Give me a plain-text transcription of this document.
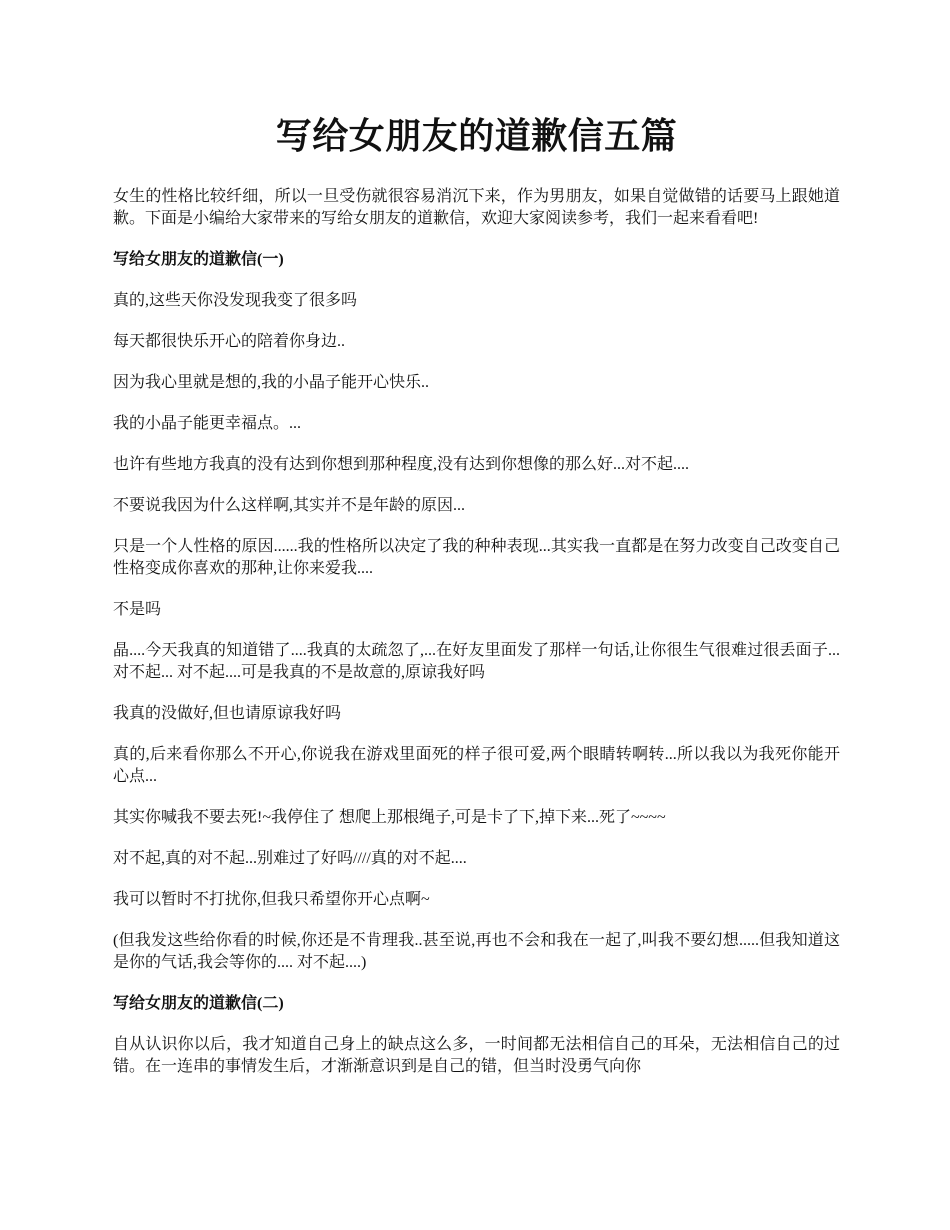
写给女朋友的道歉信五篇

女生的性格比较纤细，所以一旦受伤就很容易消沉下来，作为男朋友，如果自觉做错的话要马上跟她道歉。下面是小编给大家带来的写给女朋友的道歉信，欢迎大家阅读参考，我们一起来看看吧!

写给女朋友的道歉信(一)

真的,这些天你没发现我变了很多吗

每天都很快乐开心的陪着你身边..

因为我心里就是想的,我的小晶子能开心快乐..

我的小晶子能更幸福点。...

也许有些地方我真的没有达到你想到那种程度,没有达到你想像的那么好...对不起....

不要说我因为什么这样啊,其实并不是年龄的原因...

只是一个人性格的原因......我的性格所以决定了我的种种表现...其实我一直都是在努力改变自己改变自己性格变成你喜欢的那种,让你来爱我....

不是吗

晶....今天我真的知道错了....我真的太疏忽了,...在好友里面发了那样一句话,让你很生气很难过很丢面子...对不起... 对不起....可是我真的不是故意的,原谅我好吗

我真的没做好,但也请原谅我好吗

真的,后来看你那么不开心,你说我在游戏里面死的样子很可爱,两个眼睛转啊转...所以我以为我死你能开心点...

其实你喊我不要去死!~我停住了 想爬上那根绳子,可是卡了下,掉下来...死了~~~~

对不起,真的对不起...别难过了好吗////真的对不起....

我可以暂时不打扰你,但我只希望你开心点啊~

(但我发这些给你看的时候,你还是不肯理我..甚至说,再也不会和我在一起了,叫我不要幻想.....但我知道这是你的气话,我会等你的.... 对不起....)

写给女朋友的道歉信(二)

自从认识你以后，我才知道自己身上的缺点这么多，一时间都无法相信自己的耳朵，无法相信自己的过错。在一连串的事情发生后，才渐渐意识到是自己的错，但当时没勇气向你
